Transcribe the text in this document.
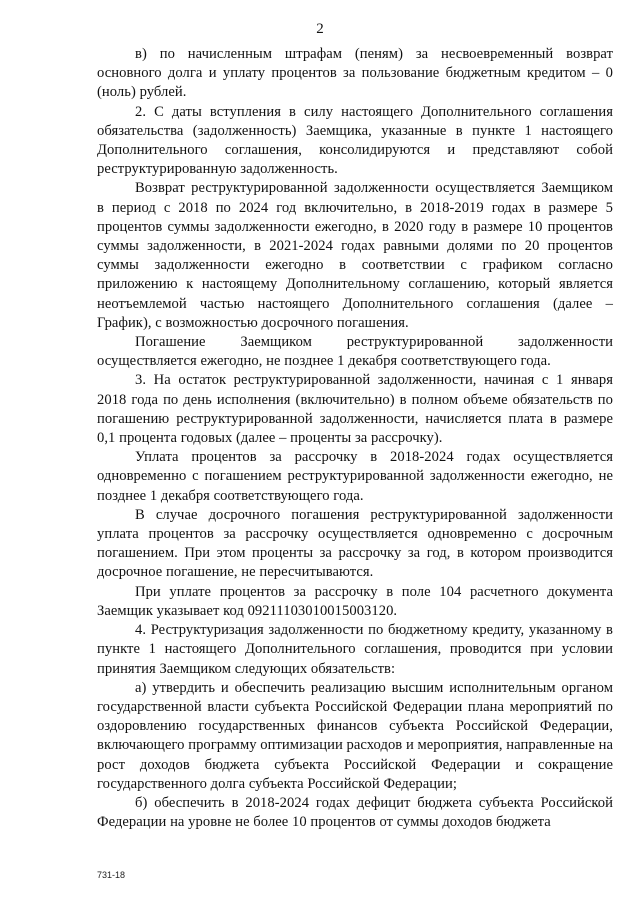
2

в) по начисленным штрафам (пеням) за несвоевременный возврат основного долга и уплату процентов за пользование бюджетным кредитом – 0 (ноль) рублей.

2. С даты вступления в силу настоящего Дополнительного соглашения обязательства (задолженность) Заемщика, указанные в пункте 1 настоящего Дополнительного соглашения, консолидируются и представляют собой реструктурированную задолженность.

Возврат реструктурированной задолженности осуществляется Заемщиком в период с 2018 по 2024 год включительно, в 2018-2019 годах в размере 5 процентов суммы задолженности ежегодно, в 2020 году в размере 10 процентов суммы задолженности, в 2021-2024 годах равными долями по 20 процентов суммы задолженности ежегодно в соответствии с графиком согласно приложению к настоящему Дополнительному соглашению, который является неотъемлемой частью настоящего Дополнительного соглашения (далее – График), с возможностью досрочного погашения.

Погашение Заемщиком реструктурированной задолженности осуществляется ежегодно, не позднее 1 декабря соответствующего года.

3. На остаток реструктурированной задолженности, начиная с 1 января 2018 года по день исполнения (включительно) в полном объеме обязательств по погашению реструктурированной задолженности, начисляется плата в размере 0,1 процента годовых (далее – проценты за рассрочку).

Уплата процентов за рассрочку в 2018-2024 годах осуществляется одновременно с погашением реструктурированной задолженности ежегодно, не позднее 1 декабря соответствующего года.

В случае досрочного погашения реструктурированной задолженности уплата процентов за рассрочку осуществляется одновременно с досрочным погашением. При этом проценты за рассрочку за год, в котором производится досрочное погашение, не пересчитываются.

При уплате процентов за рассрочку в поле 104 расчетного документа Заемщик указывает код 09211103010015003120.

4. Реструктуризация задолженности по бюджетному кредиту, указанному в пункте 1 настоящего Дополнительного соглашения, проводится при условии принятия Заемщиком следующих обязательств:

а) утвердить и обеспечить реализацию высшим исполнительным органом государственной власти субъекта Российской Федерации плана мероприятий по оздоровлению государственных финансов субъекта Российской Федерации, включающего программу оптимизации расходов и мероприятия, направленные на рост доходов бюджета субъекта Российской Федерации и сокращение государственного долга субъекта Российской Федерации;

б) обеспечить в 2018-2024 годах дефицит бюджета субъекта Российской Федерации на уровне не более 10 процентов от суммы доходов бюджета

731-18
